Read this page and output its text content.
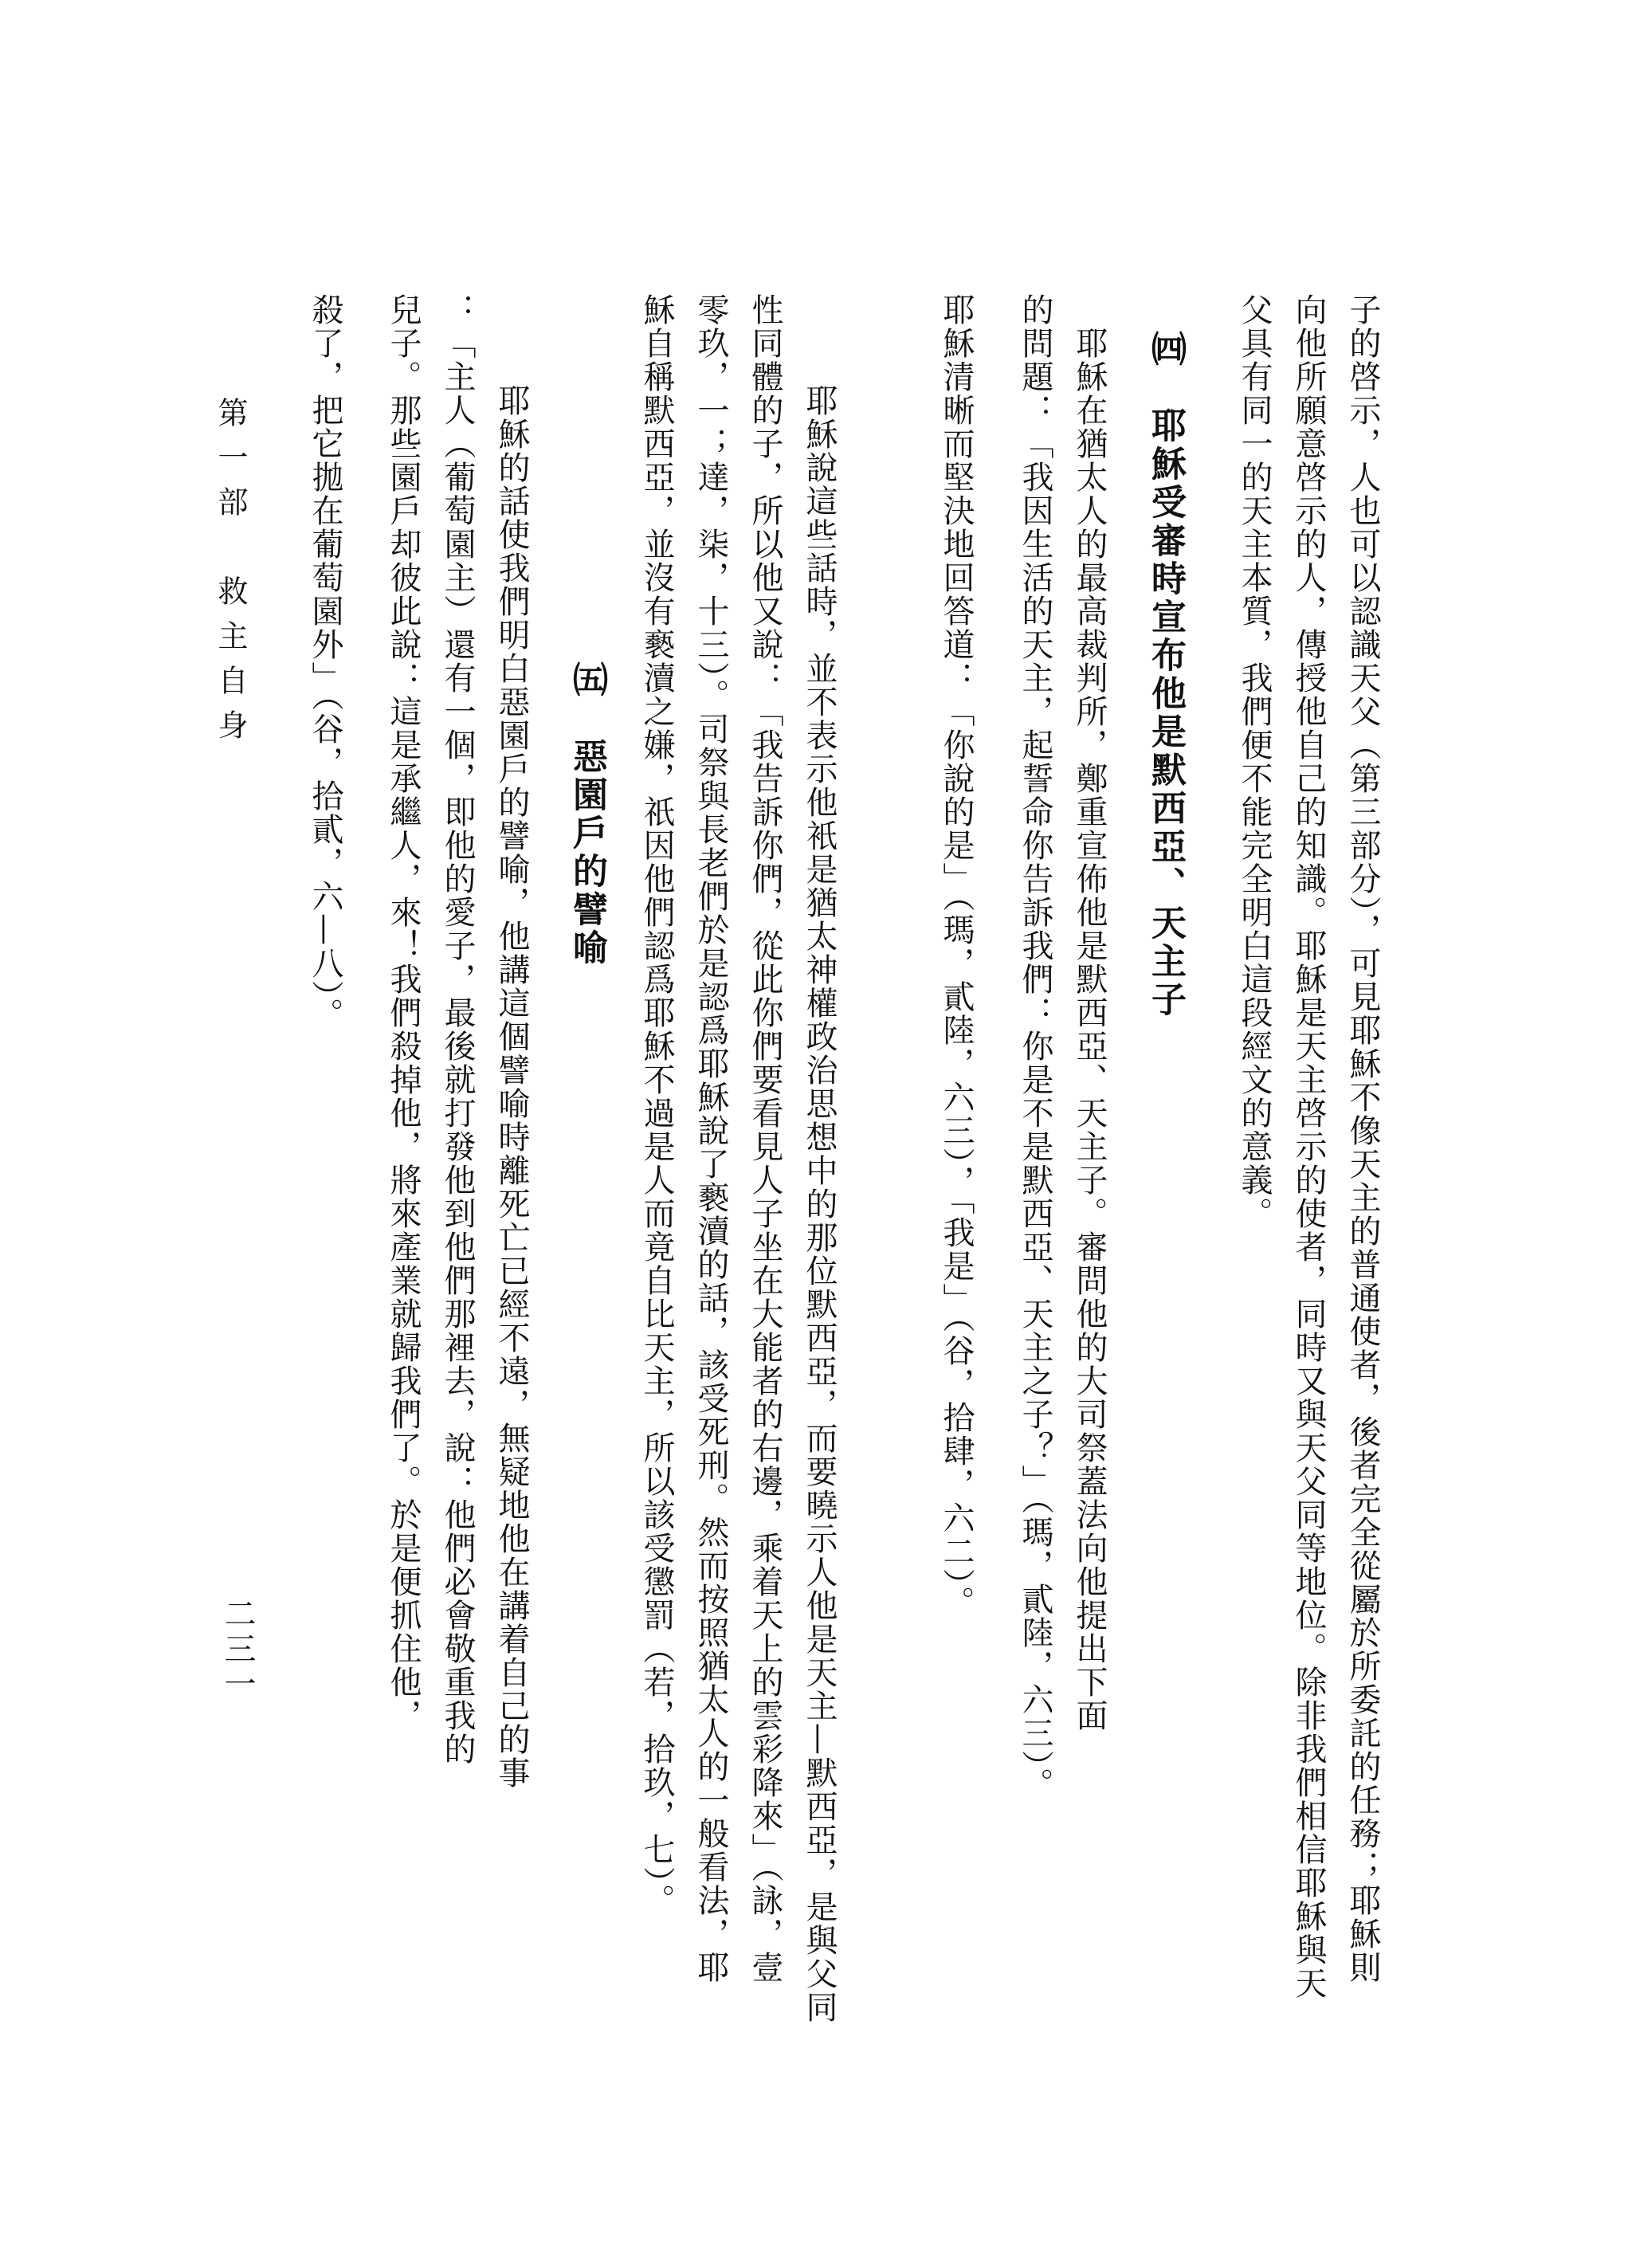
子的啓示，人也可以認識天父（第三部分），可見耶穌不像天主的普通使者，後者完全從屬於所委託的任務；耶穌則
向他所願意啓示的人，傳授他自己的知識。耶穌是天主啓示的使者，同時又與天父同等地位。除非我們相信耶穌與天
父具有同一的天主本質，我們便不能完全明白這段經文的意義。
㈣　耶穌受審時宣布他是默西亞、天主子
　耶穌在猶太人的最高裁判所，鄭重宣佈他是默西亞、天主子。審問他的大司祭蓋法向他提出下面
的問題：「我因生活的天主，起誓命你告訴我們：你是不是默西亞、天主之子？」（瑪，貳陸，六三）。
耶穌清晰而堅決地回答道：「你說的是」（瑪，貳陸，六三），「我是」（谷，拾肆，六二）。
　耶穌說這些話時，並不表示他衹是猶太神權政治思想中的那位默西亞，而要曉示人他是天主—默西亞，是與父同
性同體的子，所以他又說：「我告訴你們，從此你們要看見人子坐在大能者的右邊，乘着天上的雲彩降來」（詠，壹
零玖，一；達，柒，十三）。司祭與長老們於是認爲耶穌說了褻瀆的話，該受死刑。然而按照猶太人的一般看法，耶
穌自稱默西亞，並沒有褻瀆之嫌，祇因他們認爲耶穌不過是人而竟自比天主，所以該受懲罰（若，拾玖，七）。
㈤　惡園戶的譬喻
　耶穌的話使我們明白惡園戶的譬喻，他講這個譬喻時離死亡已經不遠，無疑地他在講着自己的事
：「主人（葡萄園主）還有一個，即他的愛子，最後就打發他到他們那裡去，說：他們必會敬重我的
兒子。那些園戶却彼此說：這是承繼人，來！我們殺掉他，將來產業就歸我們了。於是便抓住他，
殺了，把它拋在葡萄園外」（谷，拾貳，六—八）。
第一部　救主自身
二三一
